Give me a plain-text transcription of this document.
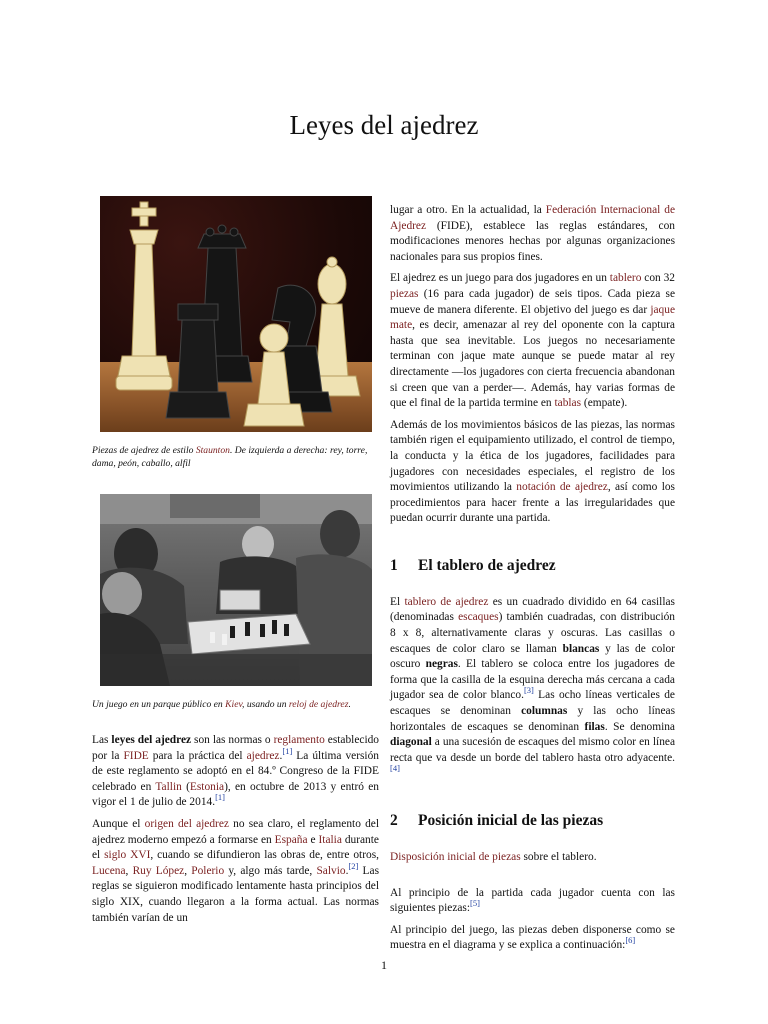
Leyes del ajedrez

Piezas de ajedrez de estilo Staunton. De izquierda a derecha: rey, torre, dama, peón, caballo, alfil

Un juego en un parque público en Kiev, usando un reloj de ajedrez.

Las leyes del ajedrez son las normas o reglamento establecido por la FIDE para la práctica del ajedrez.[1] La última versión de este reglamento se adoptó en el 84.º Congreso de la FIDE celebrado en Tallin (Estonia), en octubre de 2013 y entró en vigor el 1 de julio de 2014.[1]

Aunque el origen del ajedrez no sea claro, el reglamento del ajedrez moderno empezó a formarse en España e Italia durante el siglo XVI, cuando se difundieron las obras de, entre otros, Lucena, Ruy López, Polerio y, algo más tarde, Salvio.[2] Las reglas se siguieron modificado lentamente hasta principios del siglo XIX, cuando llegaron a la forma actual. Las normas también varían de un

lugar a otro. En la actualidad, la Federación Internacional de Ajedrez (FIDE), establece las reglas estándares, con modificaciones menores hechas por algunas organizaciones nacionales para sus propios fines.

El ajedrez es un juego para dos jugadores en un tablero con 32 piezas (16 para cada jugador) de seis tipos. Cada pieza se mueve de manera diferente. El objetivo del juego es dar jaque mate, es decir, amenazar al rey del oponente con la captura hasta que sea inevitable. Los juegos no necesariamente terminan con jaque mate aunque se puede matar al rey directamente —los jugadores con cierta frecuencia abandonan si creen que van a perder—. Además, hay varias formas de que el final de la partida termine en tablas (empate).

Además de los movimientos básicos de las piezas, las normas también rigen el equipamiento utilizado, el control de tiempo, la conducta y la ética de los jugadores, facilidades para jugadores con necesidades especiales, el registro de los movimientos utilizando la notación de ajedrez, así como los procedimientos para hacer frente a las irregularidades que puedan ocurrir durante una partida.

1	El tablero de ajedrez

El tablero de ajedrez es un cuadrado dividido en 64 casillas (denominadas escaques) también cuadradas, con distribución 8 x 8, alternativamente claras y oscuras. Las casillas o escaques de color claro se llaman blancas y las de color oscuro negras. El tablero se coloca entre los jugadores de forma que la casilla de la esquina derecha más cercana a cada jugador sea de color blanco.[3] Las ocho líneas verticales de escaques se denominan columnas y las ocho líneas horizontales de escaques se denominan filas. Se denomina diagonal a una sucesión de escaques del mismo color en línea recta que va desde un borde del tablero hasta otro adyacente.[4]

2	Posición inicial de las piezas

Disposición inicial de piezas sobre el tablero.

Al principio de la partida cada jugador cuenta con las siguientes piezas:[5]

Al principio del juego, las piezas deben disponerse como se muestra en el diagrama y se explica a continuación:[6]

1
